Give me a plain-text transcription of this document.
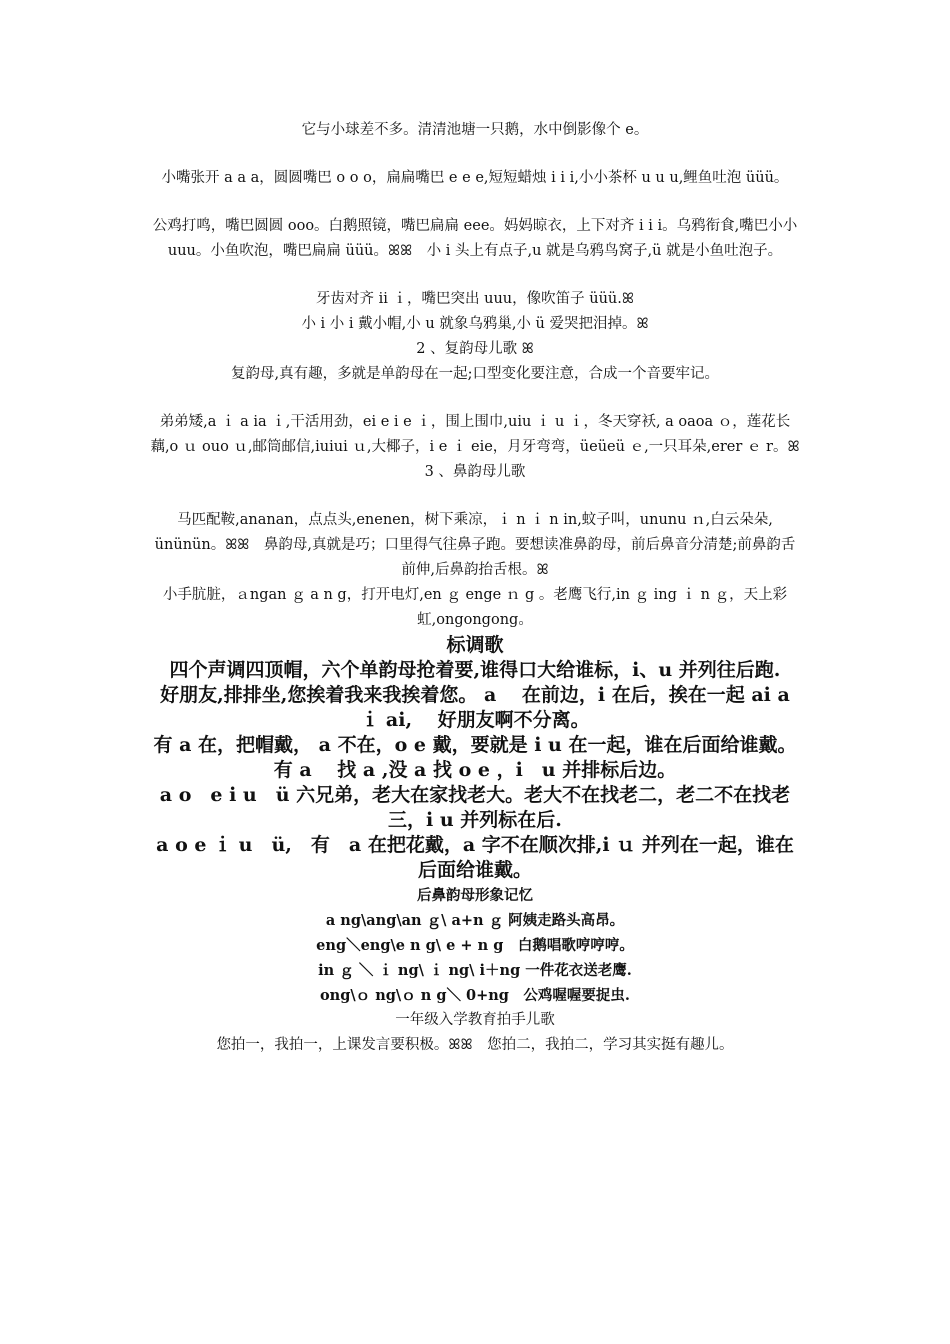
它与小球差不多。清清池塘一只鹅，水中倒影像个 e。

小嘴张开 a a a，圆圆嘴巴 o o o，扁扁嘴巴 e e e,短短蜡烛 i i i,小小茶杯 u u u,鲤鱼吐泡 üüü。

公鸡打鸣，嘴巴圆圆 ooo。白鹅照镜，嘴巴扁扁 eee。妈妈晾衣，上下对齐 i i i。乌鸦衔食,嘴巴小小 uuu。小鱼吹泡，嘴巴扁扁 üüü。ꕤꕤ　小 i 头上有点子,u 就是乌鸦鸟窝子,ü 就是小鱼吐泡子。

牙齿对齐 ii ｉ，嘴巴突出 uuu，像吹笛子 üüü.ꕤ

小 i 小 i 戴小帽,小 u 就象乌鸦巢,小 ü 爱哭把泪掉。ꕤ

2 、复韵母儿歌 ꕤ

复韵母,真有趣，多就是单韵母在一起;口型变化要注意，合成一个音要牢记。

弟弟矮,a ｉ a ia ｉ,干活用劲，ei e i e ｉ，围上围巾,uiu ｉ u ｉ，冬天穿袄, a oaoa ｏ，莲花长藕,o ｕ ouo ｕ,邮筒邮信,iuiui ｕ,大椰子，i e ｉ eie，月牙弯弯，üeüeü ｅ,一只耳朵,erer ｅ r。ꕤ

3 、鼻韵母儿歌

马匹配鞍,ananan，点点头,enenen，树下乘凉，ｉ n ｉ n in,蚊子叫，ununu ｎ,白云朵朵, ününün。ꕤꕤ　鼻韵母,真就是巧；口里得气往鼻子跑。要想读准鼻韵母，前后鼻音分清楚;前鼻韵舌前伸,后鼻韵抬舌根。ꕤ

小手肮脏，ａngan ｇ a n g，打开电灯,en ｇ enge ｎ g 。老鹰飞行,in ｇ ing ｉ n ｇ，天上彩虹,ongongong。

标调歌

四个声调四顶帽，六个单韵母抢着要,谁得口大给谁标，i、u 并列往后跑.

好朋友,排排坐,您挨着我来我挨着您。 a　 在前边，i 在后，挨在一起 ai a ｉ ai,　 好朋友啊不分离。

有 a 在，把帽戴， a 不在，o e 戴，要就是 i u 在一起，谁在后面给谁戴。

有 a　 找 a ,没 a 找 o e ，i　u 并排标后边。

a o　e i u　ü 六兄弟，老大在家找老大。老大不在找老二，老二不在找老三，i u 并列标在后.

a o e ｉ u　ü,　有　a 在把花戴，a 字不在顺次排,i ｕ 并列在一起，谁在后面给谁戴。

后鼻韵母形象记忆

a ng\ang\an ｇ\ a+n ｇ 阿姨走路头高昂。

eng＼eng\e n g\ e + n g　白鹅唱歌哼哼哼。

in ｇ ＼ ｉ ng\ ｉ ng\ i＋ng 一件花衣送老鹰.

ong\ｏ ng\ｏ n g＼ 0+ng　公鸡喔喔要捉虫.

一年级入学教育拍手儿歌

您拍一，我拍一，上课发言要积极。ꕤꕤ　您拍二，我拍二，学习其实挺有趣儿。
